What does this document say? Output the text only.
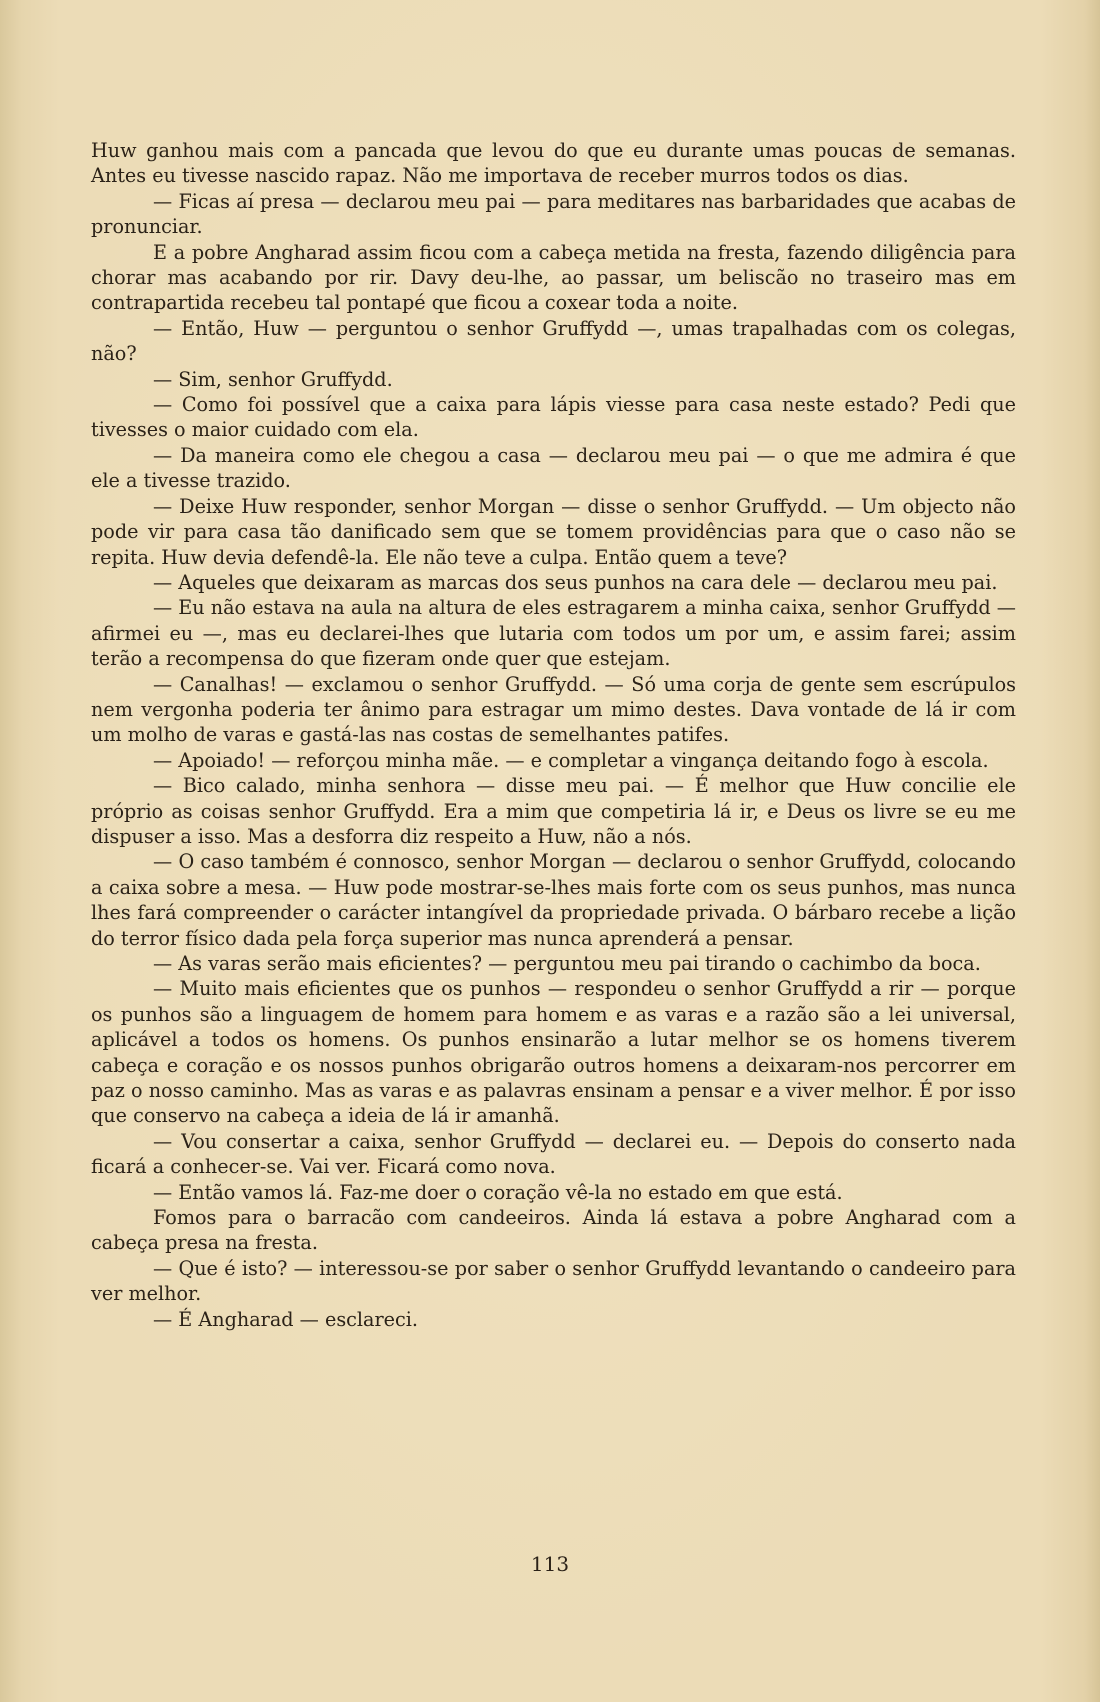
Huw ganhou mais com a pancada que levou do que eu durante umas poucas de semanas. Antes eu tivesse nascido rapaz. Não me importava de receber murros todos os dias.

— Ficas aí presa — declarou meu pai — para meditares nas barbaridades que acabas de pronunciar.

E a pobre Angharad assim ficou com a cabeça metida na fresta, fazendo diligência para chorar mas acabando por rir. Davy deu-lhe, ao passar, um beliscão no traseiro mas em contrapartida recebeu tal pontapé que ficou a coxear toda a noite.

— Então, Huw — perguntou o senhor Gruffydd —, umas trapalhadas com os colegas, não?

— Sim, senhor Gruffydd.

— Como foi possível que a caixa para lápis viesse para casa neste estado? Pedi que tivesses o maior cuidado com ela.

— Da maneira como ele chegou a casa — declarou meu pai — o que me admira é que ele a tivesse trazido.

— Deixe Huw responder, senhor Morgan — disse o senhor Gruffydd. — Um objecto não pode vir para casa tão danificado sem que se tomem providências para que o caso não se repita. Huw devia defendê-la. Ele não teve a culpa. Então quem a teve?

— Aqueles que deixaram as marcas dos seus punhos na cara dele — declarou meu pai.

— Eu não estava na aula na altura de eles estragarem a minha caixa, senhor Gruffydd — afirmei eu —, mas eu declarei-lhes que lutaria com todos um por um, e assim farei; assim terão a recompensa do que fizeram onde quer que estejam.

— Canalhas! — exclamou o senhor Gruffydd. — Só uma corja de gente sem escrúpulos nem vergonha poderia ter ânimo para estragar um mimo destes. Dava vontade de lá ir com um molho de varas e gastá-las nas costas de semelhantes patifes.

— Apoiado! — reforçou minha mãe. — e completar a vingança deitando fogo à escola.

— Bico calado, minha senhora — disse meu pai. — É melhor que Huw concilie ele próprio as coisas senhor Gruffydd. Era a mim que competiria lá ir, e Deus os livre se eu me dispuser a isso. Mas a desforra diz respeito a Huw, não a nós.

— O caso também é connosco, senhor Morgan — declarou o senhor Gruffydd, colocando a caixa sobre a mesa. — Huw pode mostrar-se-lhes mais forte com os seus punhos, mas nunca lhes fará compreender o carácter intangível da propriedade privada. O bárbaro recebe a lição do terror físico dada pela força superior mas nunca aprenderá a pensar.

— As varas serão mais eficientes? — perguntou meu pai tirando o cachimbo da boca.

— Muito mais eficientes que os punhos — respondeu o senhor Gruffydd a rir — porque os punhos são a linguagem de homem para homem e as varas e a razão são a lei universal, aplicável a todos os homens. Os punhos ensinarão a lutar melhor se os homens tiverem cabeça e coração e os nossos punhos obrigarão outros homens a deixaram-nos percorrer em paz o nosso caminho. Mas as varas e as palavras ensinam a pensar e a viver melhor. É por isso que conservo na cabeça a ideia de lá ir amanhã.

— Vou consertar a caixa, senhor Gruffydd — declarei eu. — Depois do conserto nada ficará a conhecer-se. Vai ver. Ficará como nova.

— Então vamos lá. Faz-me doer o coração vê-la no estado em que está.

Fomos para o barracão com candeeiros. Ainda lá estava a pobre Angharad com a cabeça presa na fresta.

— Que é isto? — interessou-se por saber o senhor Gruffydd levantando o candeeiro para ver melhor.

— É Angharad — esclareci.

113
